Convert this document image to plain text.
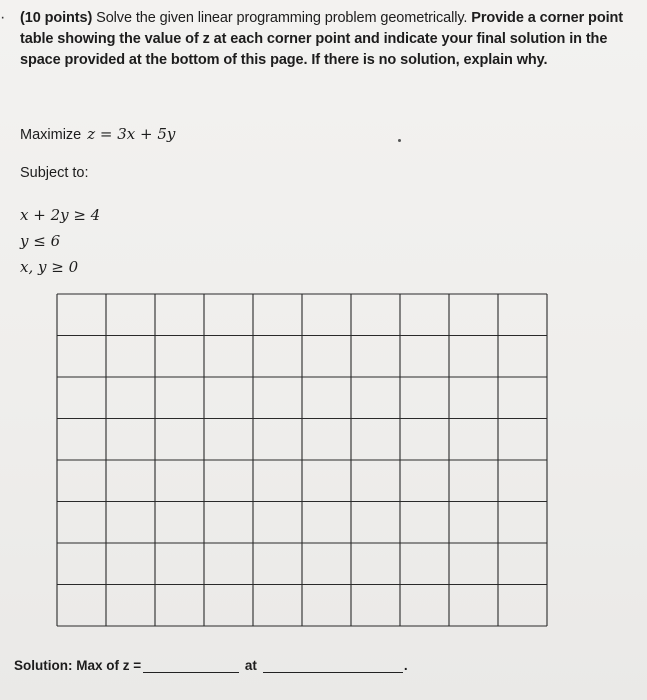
· (10 points) Solve the given linear programming problem geometrically. Provide a corner point table showing the value of z at each corner point and indicate your final solution in the space provided at the bottom of this page. If there is no solution, explain why.
Maximize z = 3x + 5y
Subject to:
x + 2y ≥ 4
y ≤ 6
x, y ≥ 0
Solution: Max of z =	at	.
